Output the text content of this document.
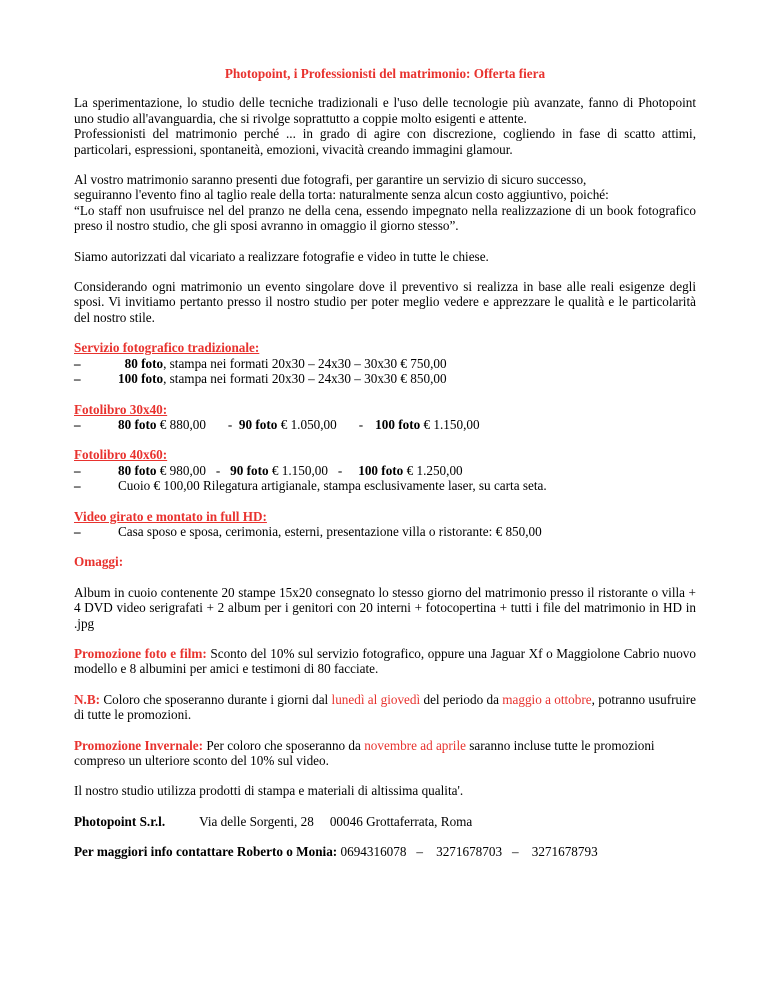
Photopoint, i Professionisti del matrimonio: Offerta fiera

La sperimentazione, lo studio delle tecniche tradizionali e l'uso delle tecnologie più avanzate, fanno di Photopoint uno studio all'avanguardia, che si rivolge soprattutto a coppie molto esigenti e attente.
Professionisti del matrimonio perché ... in grado di agire con discrezione, cogliendo in fase di scatto attimi, particolari, espressioni, spontaneità, emozioni, vivacità creando immagini glamour.

Al vostro matrimonio saranno presenti due fotografi, per garantire un servizio di sicuro successo,
seguiranno l'evento fino al taglio reale della torta: naturalmente senza alcun costo aggiuntivo, poiché:
“Lo staff non usufruisce nel del pranzo ne della cena, essendo impegnato nella realizzazione di un book fotografico preso il nostro studio, che gli sposi avranno in omaggio il giorno stesso”.

Siamo autorizzati dal vicariato a realizzare fotografie e video in tutte le chiese.

Considerando ogni matrimonio un evento singolare dove il preventivo si realizza in base alle reali esigenze degli sposi. Vi invitiamo pertanto presso il nostro studio per poter meglio vedere e apprezzare le qualità e le particolarità del nostro stile.

Servizio fotografico tradizionale:
–	80 foto, stampa nei formati 20x30 – 24x30 – 30x30 € 750,00
–	100 foto, stampa nei formati 20x30 – 24x30 – 30x30 € 850,00
Fotolibro 30x40:
–	80 foto € 880,00 - 90 foto € 1.050,00 - 100 foto € 1.150,00
Fotolibro 40x60:
–	80 foto € 980,00 - 90 foto € 1.150,00 - 100 foto € 1.250,00
–	Cuoio € 100,00 Rilegatura artigianale, stampa esclusivamente laser, su carta seta.
Video girato e montato in full HD:
–	Casa sposo e sposa, cerimonia, esterni, presentazione villa o ristorante: € 850,00

Omaggi:

Album in cuoio contenente 20 stampe 15x20 consegnato lo stesso giorno del matrimonio presso il ristorante o villa + 4 DVD video serigrafati + 2 album per i genitori con 20 interni + fotocopertina + tutti i file del matrimonio in HD in .jpg

Promozione foto e film: Sconto del 10% sul servizio fotografico, oppure una Jaguar Xf o Maggiolone Cabrio nuovo modello e 8 albumini per amici e testimoni di 80 facciate.

N.B: Coloro che sposeranno durante i giorni dal lunedì al giovedì del periodo da maggio a ottobre, potranno usufruire di tutte le promozioni.

Promozione Invernale: Per coloro che sposeranno da novembre ad aprile saranno incluse tutte le promozioni compreso un ulteriore sconto del 10% sul video.

Il nostro studio utilizza prodotti di stampa e materiali di altissima qualita'.

Photopoint S.r.l.	Via delle Sorgenti, 28 00046 Grottaferrata, Roma

Per maggiori info contattare Roberto o Monia: 0694316078 – 3271678703 – 3271678793
